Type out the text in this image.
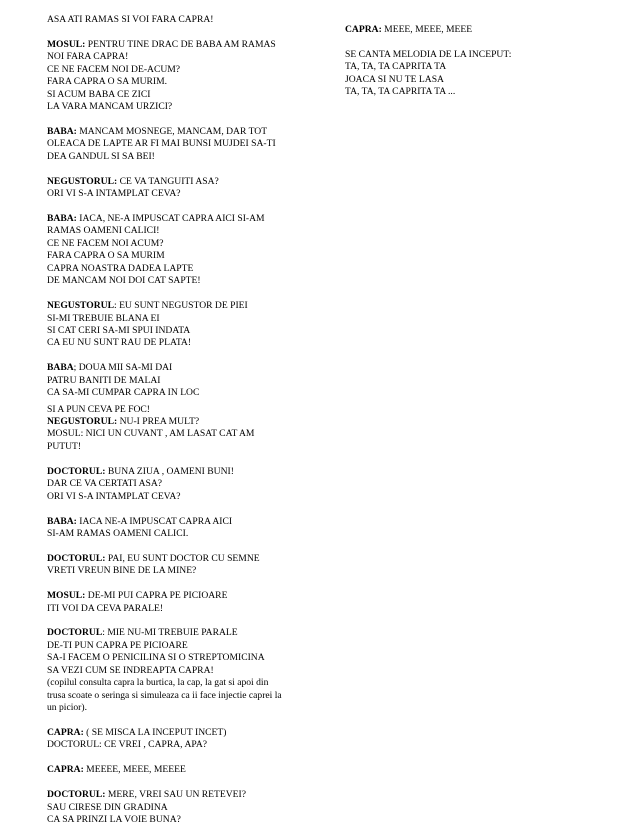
ASA ATI RAMAS SI VOI FARA CAPRA!
MOSUL: PENTRU TINE DRAC DE BABA AM RAMAS
NOI FARA CAPRA!
CE NE FACEM NOI DE-ACUM?
FARA CAPRA O SA MURIM.
SI ACUM BABA CE ZICI
LA VARA MANCAM URZICI?
BABA: MANCAM MOSNEGE, MANCAM, DAR TOT
OLEACA DE LAPTE AR FI MAI BUNSI MUJDEI SA-TI
DEA GANDUL SI SA BEI!
NEGUSTORUL: CE VA TANGUITI ASA?
ORI VI S-A INTAMPLAT CEVA?
BABA: IACA, NE-A IMPUSCAT CAPRA AICI SI-AM
RAMAS OAMENI CALICI!
CE NE FACEM NOI ACUM?
FARA CAPRA O SA MURIM
CAPRA NOASTRA DADEA LAPTE
DE MANCAM NOI DOI CAT SAPTE!
NEGUSTORUL: EU SUNT NEGUSTOR DE PIEI
SI-MI TREBUIE BLANA EI
SI CAT CERI SA-MI SPUI INDATA
CA EU NU SUNT RAU DE PLATA!
BABA; DOUA MII SA-MI DAI
PATRU BANITI DE MALAI
CA SA-MI CUMPAR CAPRA IN LOC
SI A PUN CEVA PE FOC!
NEGUSTORUL: NU-I PREA MULT?
MOSUL: NICI UN CUVANT , AM LASAT CAT AM
PUTUT!
DOCTORUL: BUNA ZIUA , OAMENI BUNI!
DAR CE VA CERTATI ASA?
ORI VI S-A INTAMPLAT CEVA?
BABA: IACA NE-A IMPUSCAT CAPRA AICI
SI-AM RAMAS OAMENI CALICI.
DOCTORUL: PAI, EU SUNT DOCTOR CU SEMNE
VRETI VREUN BINE DE LA MINE?
MOSUL: DE-MI PUI CAPRA PE PICIOARE
ITI VOI DA CEVA PARALE!
DOCTORUL: MIE NU-MI TREBUIE PARALE
DE-TI PUN CAPRA PE PICIOARE
SA-I FACEM O PENICILINA SI O STREPTOMICINA
SA VEZI CUM SE INDREAPTA CAPRA!
(copilul consulta capra la burtica, la cap, la gat si apoi din
trusa scoate o seringa si simuleaza ca ii face injectie caprei la
un picior).
CAPRA: ( SE MISCA LA INCEPUT INCET)
DOCTORUL: CE VREI , CAPRA, APA?
CAPRA: MEEEE, MEEE, MEEEE
DOCTORUL: MERE, VREI SAU UN RETEVEI?
SAU CIRESE DIN GRADINA
CA SA PRINZI LA VOIE BUNA?
CAPRA: MEEE, MEEE, MEEE
SE CANTA MELODIA DE LA INCEPUT:
TA, TA, TA CAPRITA TA
JOACA SI NU TE LASA
TA, TA, TA CAPRITA TA ...
